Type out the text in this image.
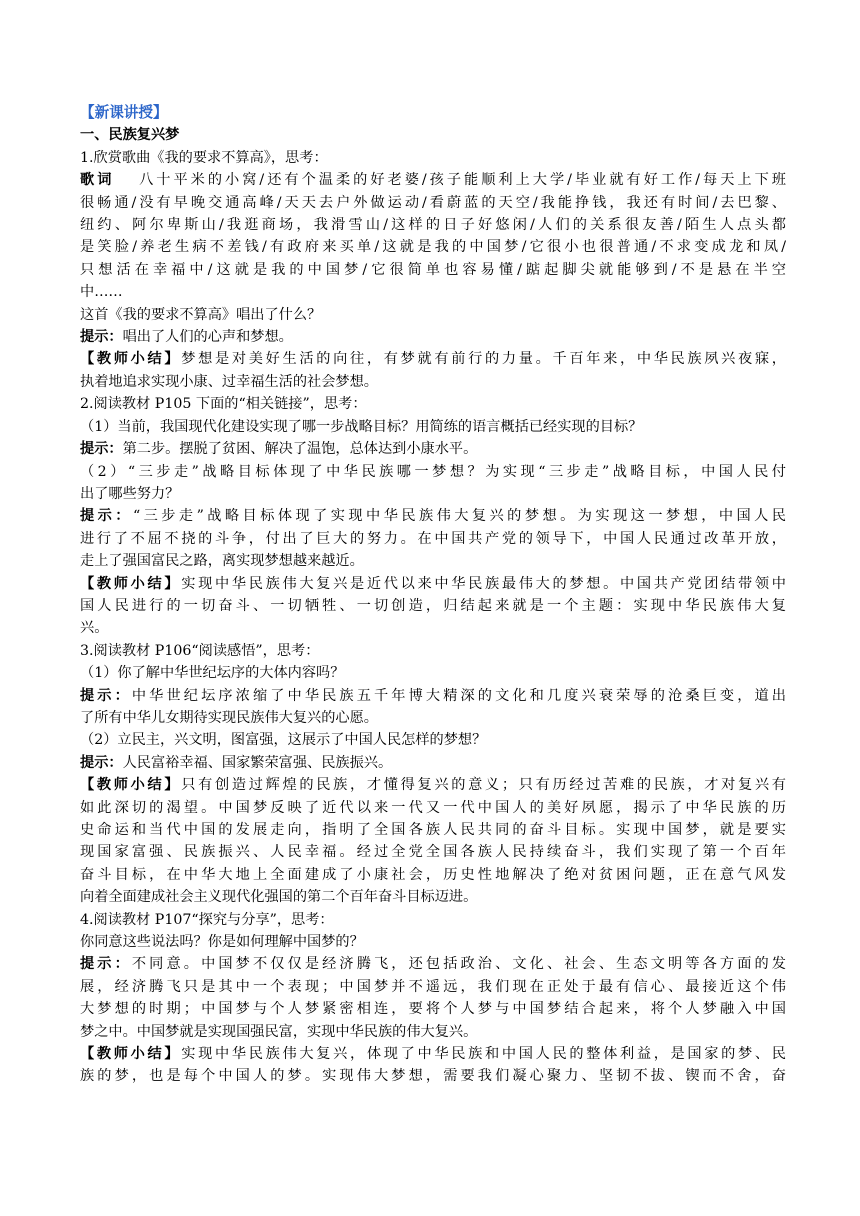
【新课讲授】
一、民族复兴梦
1.欣赏歌曲《我的要求不算高》，思考：
歌词　 八十平米的小窝/还有个温柔的好老婆/孩子能顺利上大学/毕业就有好工作/每天上下班
很畅通/没有早晚交通高峰/天天去户外做运动/看蔚蓝的天空/我能挣钱，我还有时间/去巴黎、
纽约、阿尔卑斯山/我逛商场，我滑雪山/这样的日子好悠闲/人们的关系很友善/陌生人点头都
是笑脸/养老生病不差钱/有政府来买单/这就是我的中国梦/它很小也很普通/不求变成龙和凤/
只想活在幸福中/这就是我的中国梦/它很简单也容易懂/踮起脚尖就能够到/不是悬在半空
中……
这首《我的要求不算高》唱出了什么？
提示：唱出了人们的心声和梦想。
【教师小结】梦想是对美好生活的向往，有梦就有前行的力量。千百年来，中华民族夙兴夜寐，
执着地追求实现小康、过幸福生活的社会梦想。
2.阅读教材 P105 下面的“相关链接”，思考：
（1）当前，我国现代化建设实现了哪一步战略目标？用简练的语言概括已经实现的目标？
提示：第二步。摆脱了贫困、解决了温饱，总体达到小康水平。
（2）“三步走”战略目标体现了中华民族哪一梦想？为实现“三步走”战略目标，中国人民付
出了哪些努力？
提示：“三步走”战略目标体现了实现中华民族伟大复兴的梦想。为实现这一梦想，中国人民
进行了不屈不挠的斗争，付出了巨大的努力。在中国共产党的领导下，中国人民通过改革开放，
走上了强国富民之路，离实现梦想越来越近。
【教师小结】实现中华民族伟大复兴是近代以来中华民族最伟大的梦想。中国共产党团结带领中
国人民进行的一切奋斗、一切牺牲、一切创造，归结起来就是一个主题：实现中华民族伟大复
兴。
3.阅读教材 P106“阅读感悟”，思考：
（1）你了解中华世纪坛序的大体内容吗？
提示：中华世纪坛序浓缩了中华民族五千年博大精深的文化和几度兴衰荣辱的沧桑巨变，道出
了所有中华儿女期待实现民族伟大复兴的心愿。
（2）立民主，兴文明，图富强，这展示了中国人民怎样的梦想？
提示：人民富裕幸福、国家繁荣富强、民族振兴。
【教师小结】只有创造过辉煌的民族，才懂得复兴的意义；只有历经过苦难的民族，才对复兴有
如此深切的渴望。中国梦反映了近代以来一代又一代中国人的美好夙愿，揭示了中华民族的历
史命运和当代中国的发展走向，指明了全国各族人民共同的奋斗目标。实现中国梦，就是要实
现国家富强、民族振兴、人民幸福。经过全党全国各族人民持续奋斗，我们实现了第一个百年
奋斗目标，在中华大地上全面建成了小康社会，历史性地解决了绝对贫困问题，正在意气风发
向着全面建成社会主义现代化强国的第二个百年奋斗目标迈进。
4.阅读教材 P107“探究与分享”，思考：
你同意这些说法吗？你是如何理解中国梦的？
提示：不同意。中国梦不仅仅是经济腾飞，还包括政治、文化、社会、生态文明等各方面的发
展，经济腾飞只是其中一个表现；中国梦并不遥远，我们现在正处于最有信心、最接近这个伟
大梦想的时期；中国梦与个人梦紧密相连，要将个人梦与中国梦结合起来，将个人梦融入中国
梦之中。中国梦就是实现国强民富，实现中华民族的伟大复兴。
【教师小结】实现中华民族伟大复兴，体现了中华民族和中国人民的整体利益，是国家的梦、民
族的梦，也是每个中国人的梦。实现伟大梦想，需要我们凝心聚力、坚韧不拔、锲而不舍，奋
